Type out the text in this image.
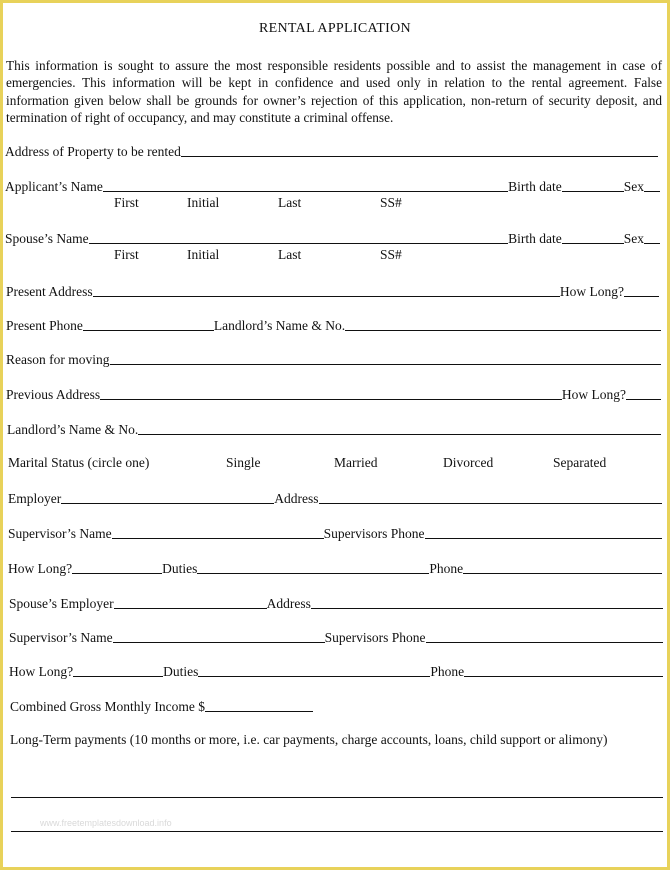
RENTAL APPLICATION
This information is sought to assure the most responsible residents possible and to assist the management in case of emergencies. This information will be kept in confidence and used only in relation to the rental agreement. False information given below shall be grounds for owner’s rejection of this application, non-return of security deposit, and termination of right of occupancy, and may constitute a criminal offense.
Address of Property to be rented
Applicant’s Name	Birth date	Sex
First	Initial	Last	SS#
Spouse’s Name	Birth date	Sex
First	Initial	Last	SS#
Present Address	How Long?
Present Phone	Landlord’s Name & No.
Reason for moving
Previous Address	How Long?
Landlord’s Name & No.
Marital Status (circle one)	Single	Married	Divorced	Separated
Employer	Address
Supervisor’s Name	Supervisors Phone
How Long?	Duties	Phone
Spouse’s Employer	Address
Supervisor’s Name	Supervisors Phone
How Long?	Duties	Phone
Combined Gross Monthly Income $
Long-Term payments (10 months or more, i.e. car payments, charge accounts, loans, child support or alimony)
www.freetemplatesdownload.info
